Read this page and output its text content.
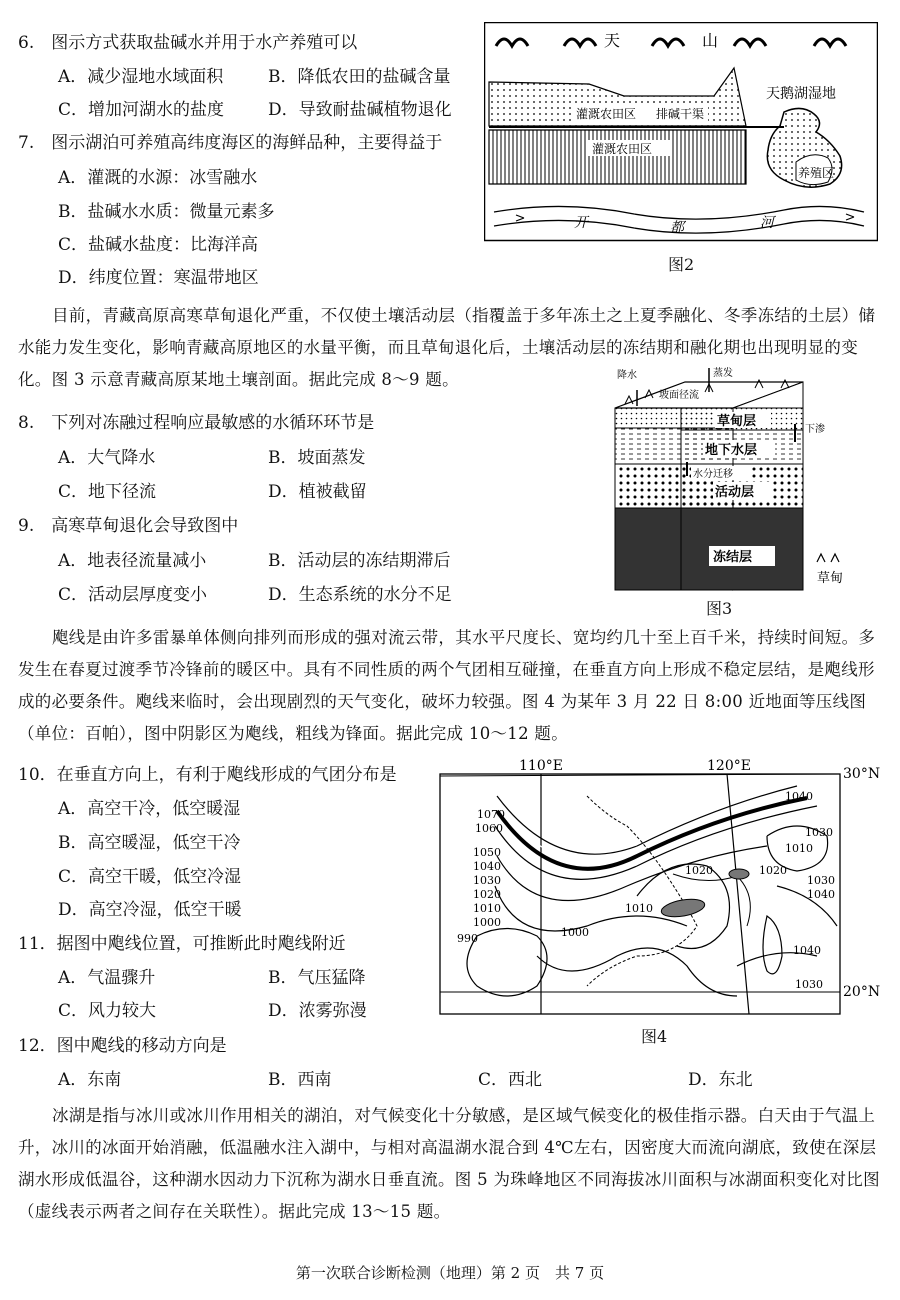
6.　图示方式获取盐碱水并用于水产养殖可以
A．减少湿地水域面积	B．降低农田的盐碱含量
C．增加河湖水的盐度	D．导致耐盐碱植物退化
7.　图示湖泊可养殖高纬度海区的海鲜品种，主要得益于
A．灌溉的水源：冰雪融水
B．盐碱水水质：微量元素多
C．盐碱水盐度：比海洋高
D．纬度位置：寒温带地区
天	山
灌溉农田区 排碱干渠
灌溉农田区
天鹅湖湿地
养殖区
开	都	河
图2
目前，青藏高原高寒草甸退化严重，不仅使土壤活动层（指覆盖于多年冻土之上夏季融化、冬季冻结的土层）储水能力发生变化，影响青藏高原地区的水量平衡，而且草甸退化后，土壤活动层的冻结期和融化期也出现明显的变化。图 3 示意青藏高原某地土壤剖面。据此完成 8～9 题。
8.　下列对冻融过程响应最敏感的水循环环节是
A．大气降水	B．坡面蒸发
C．地下径流	D．植被截留
9.　高寒草甸退化会导致图中
A．地表径流量减小	B．活动层的冻结期滞后
C．活动层厚度变小	D．生态系统的水分不足
草甸层
地下水层
水分迁移
活动层
冻结层
降水	蒸发
坡面径流
下渗
草甸
图3
飑线是由许多雷暴单体侧向排列而形成的强对流云带，其水平尺度长、宽均约几十至上百千米，持续时间短。多发生在春夏过渡季节冷锋前的暖区中。具有不同性质的两个气团相互碰撞，在垂直方向上形成不稳定层结，是飑线形成的必要条件。飑线来临时，会出现剧烈的天气变化，破坏力较强。图 4 为某年 3 月 22 日 8:00 近地面等压线图（单位：百帕），图中阴影区为飑线，粗线为锋面。据此完成 10～12 题。
10．在垂直方向上，有利于飑线形成的气团分布是
A．高空干冷，低空暖湿
B．高空暖湿，低空干冷
C．高空干暖，低空冷湿
D．高空冷湿，低空干暖
11．据图中飑线位置，可推断此时飑线附近
A．气温骤升	B．气压猛降
C．风力较大	D．浓雾弥漫
12．图中飑线的移动方向是
A．东南	B．西南	C．西北	D．东北
110°E	120°E	30°N
20°N
1070
1060
1050
1040
1030
1020
1010
1000
990	1000
1010
1020
1040
1030
1010
1020
1030
1040
1040
1030
图4
冰湖是指与冰川或冰川作用相关的湖泊，对气候变化十分敏感，是区域气候变化的极佳指示器。白天由于气温上升，冰川的冰面开始消融，低温融水注入湖中，与相对高温湖水混合到 4℃左右，因密度大而流向湖底，致使在深层湖水形成低温谷，这种湖水因动力下沉称为湖水日垂直流。图 5 为珠峰地区不同海拔冰川面积与冰湖面积变化对比图（虚线表示两者之间存在关联性）。据此完成 13～15 题。
第一次联合诊断检测（地理）第 2 页　共 7 页
